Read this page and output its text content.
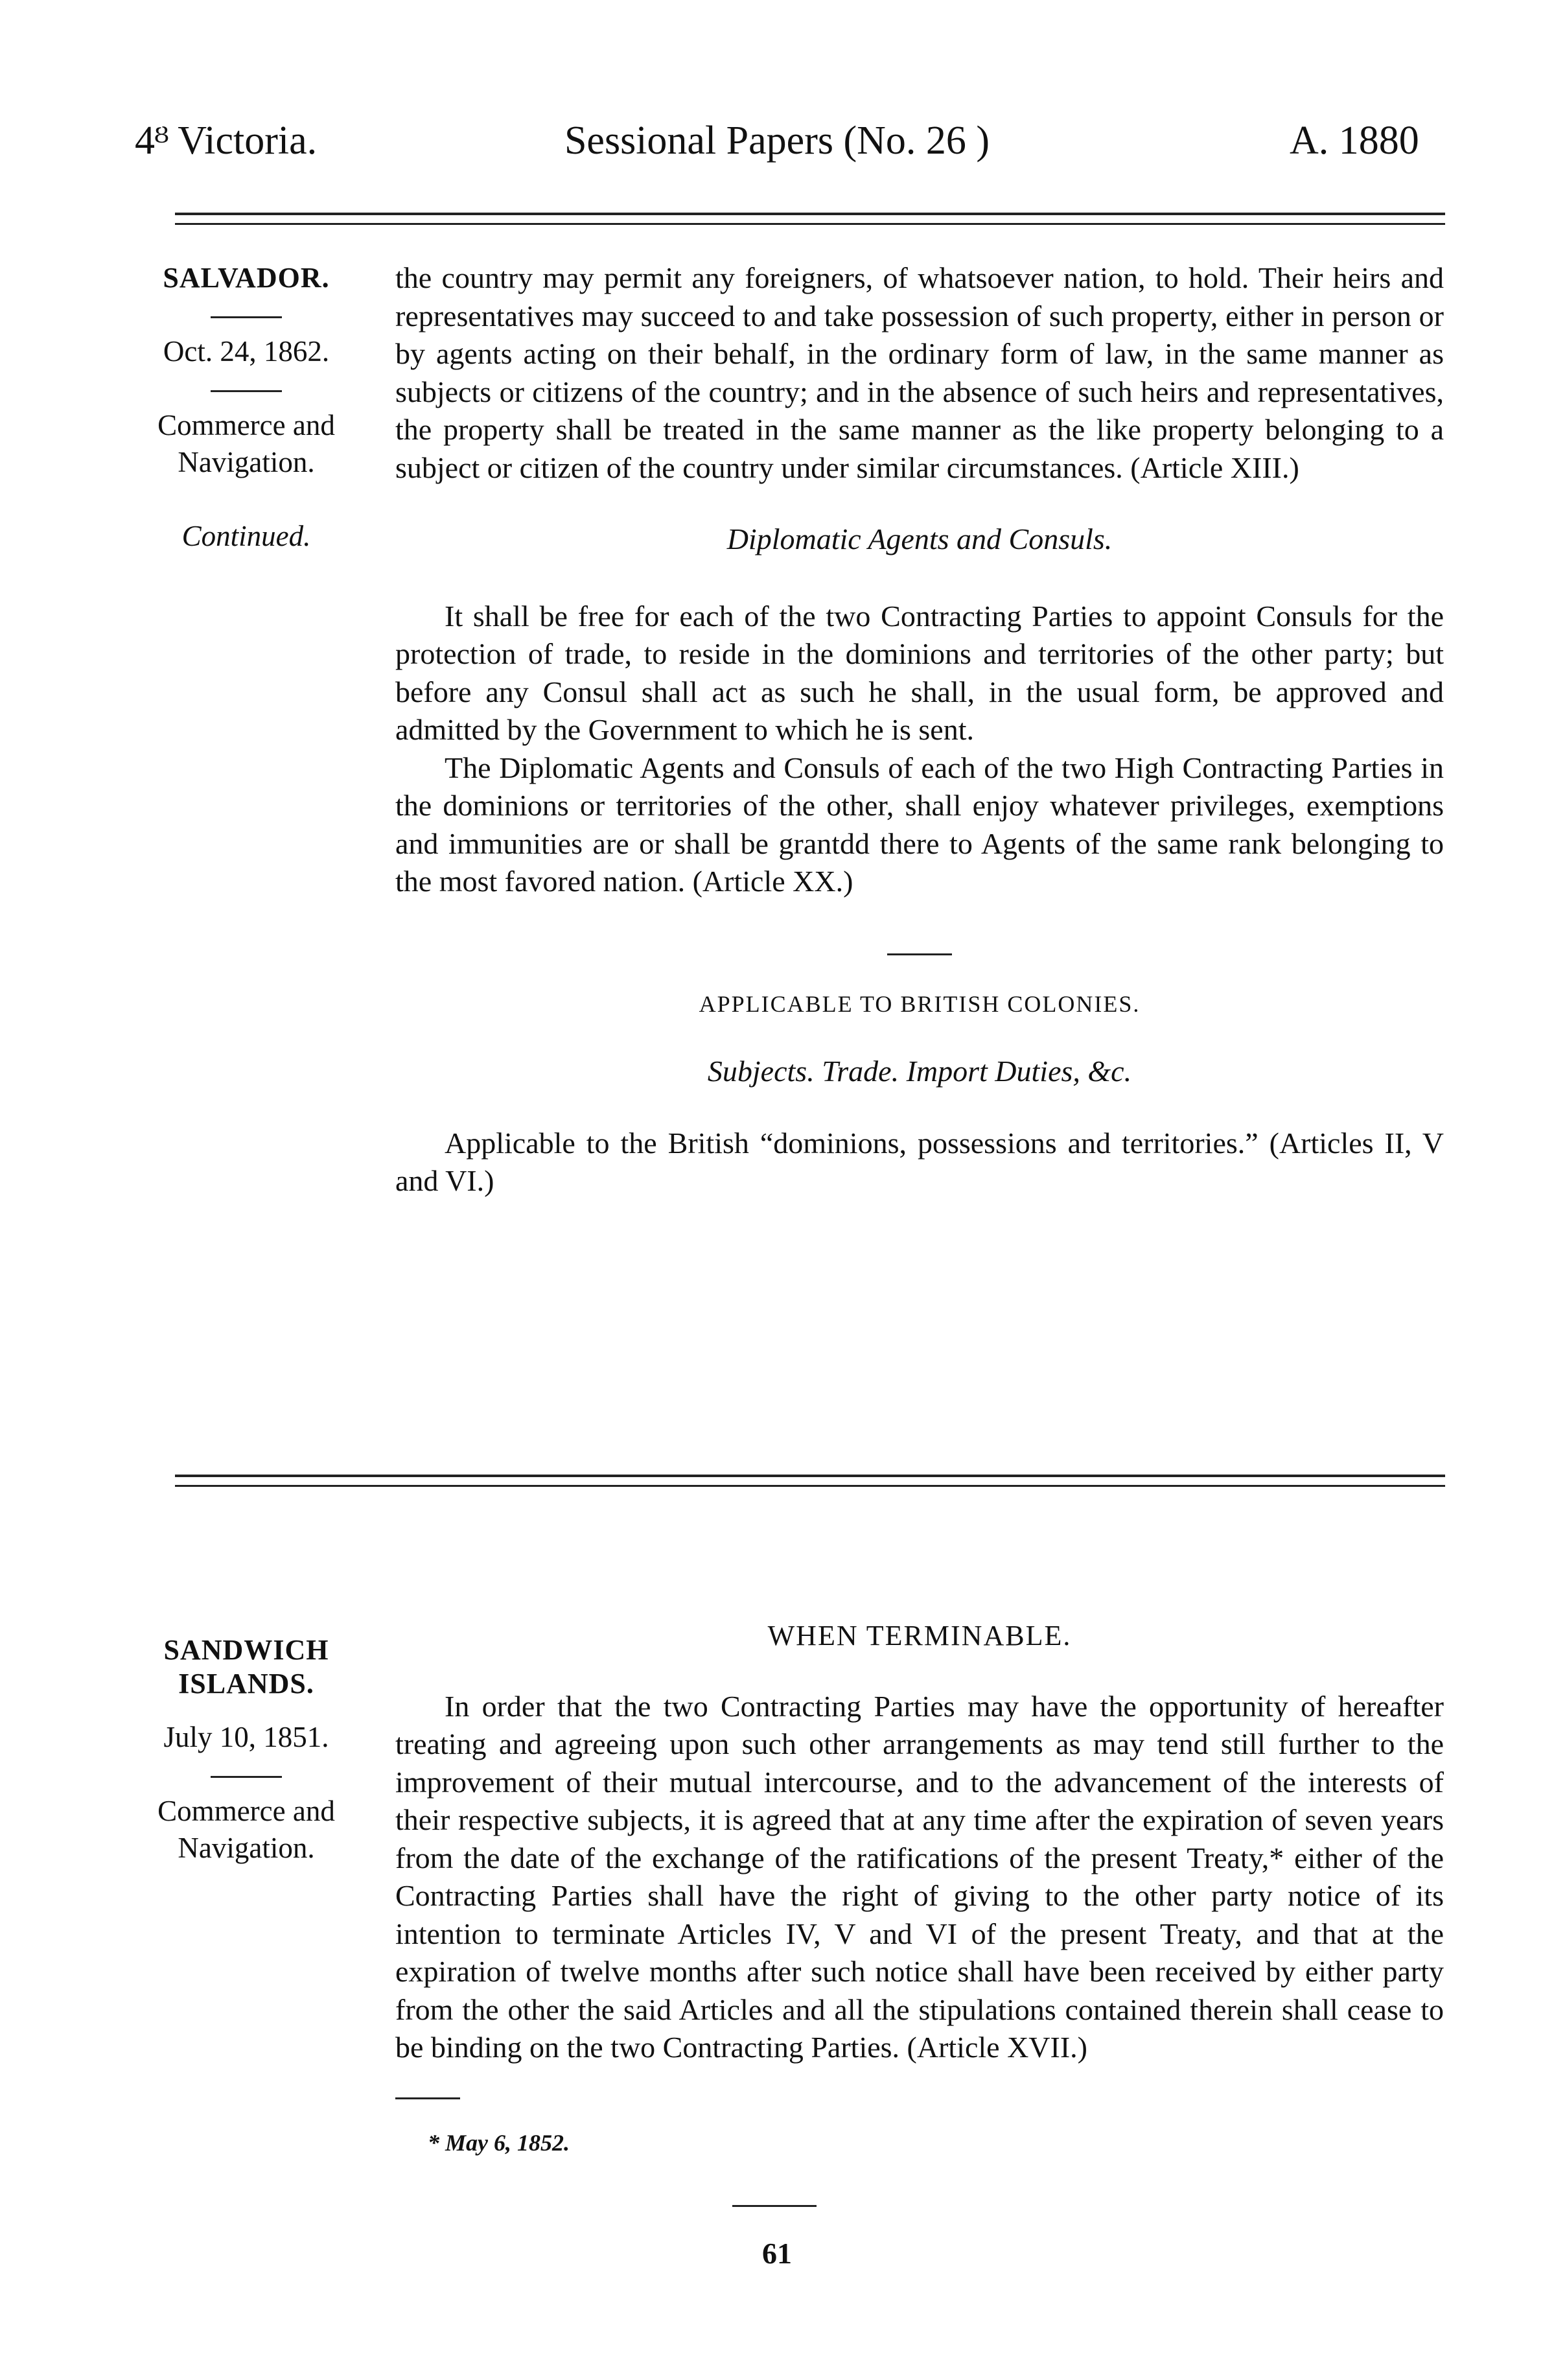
4ᴽ Victoria.	Sessional Papers (No. 26 )	A. 1880

SALVADOR.

Oct. 24, 1862.

Commerce and Navigation.

Continued.

the country may permit any foreigners, of whatsoever nation, to hold. Their heirs and representatives may succeed to and take possession of such property, either in person or by agents acting on their behalf, in the ordinary form of law, in the same manner as subjects or citizens of the country; and in the absence of such heirs and representatives, the property shall be treated in the same manner as the like property belonging to a subject or citizen of the country under similar circumstances. (Article XIII.)

Diplomatic Agents and Consuls.

It shall be free for each of the two Contracting Parties to appoint Consuls for the protection of trade, to reside in the dominions and territories of the other party; but before any Consul shall act as such he shall, in the usual form, be approved and admitted by the Government to which he is sent.

The Diplomatic Agents and Consuls of each of the two High Contracting Parties in the dominions or territories of the other, shall enjoy whatever privileges, exemptions and immunities are or shall be grantdd there to Agents of the same rank belonging to the most favored nation. (Article XX.)

APPLICABLE TO BRITISH COLONIES.

Subjects. Trade. Import Duties, &c.

Applicable to the British “dominions, possessions and territories.” (Articles II, V and VI.)

SANDWICH ISLANDS.

July 10, 1851.

Commerce and Navigation.

WHEN TERMINABLE.

In order that the two Contracting Parties may have the opportunity of hereafter treating and agreeing upon such other arrangements as may tend still further to the improvement of their mutual intercourse, and to the advancement of the interests of their respective subjects, it is agreed that at any time after the expiration of seven years from the date of the exchange of the ratifications of the present Treaty,* either of the Contracting Parties shall have the right of giving to the other party notice of its intention to terminate Articles IV, V and VI of the present Treaty, and that at the expiration of twelve months after such notice shall have been received by either party from the other the said Articles and all the stipulations contained therein shall cease to be binding on the two Contracting Parties. (Article XVII.)

* May 6, 1852.

61
